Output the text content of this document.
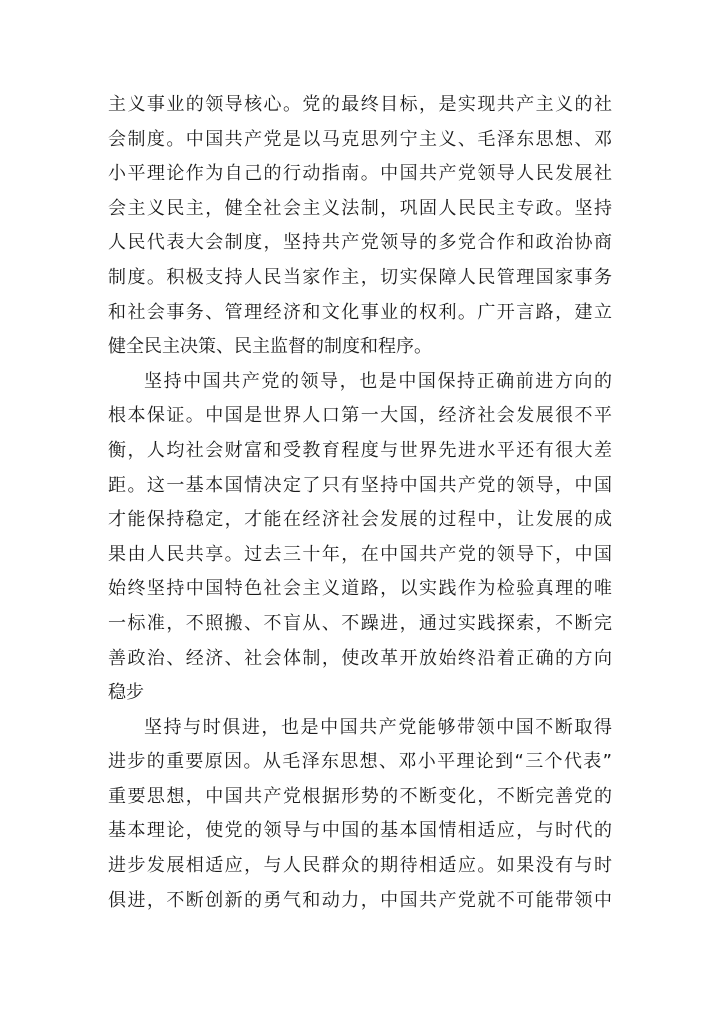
主义事业的领导核心。党的最终目标，是实现共产主义的社
会制度。中国共产党是以马克思列宁主义、毛泽东思想、邓
小平理论作为自己的行动指南。中国共产党领导人民发展社
会主义民主，健全社会主义法制，巩固人民民主专政。坚持
人民代表大会制度，坚持共产党领导的多党合作和政治协商
制度。积极支持人民当家作主，切实保障人民管理国家事务
和社会事务、管理经济和文化事业的权利。广开言路，建立
健全民主决策、民主监督的制度和程序。
坚持中国共产党的领导，也是中国保持正确前进方向的
根本保证。中国是世界人口第一大国，经济社会发展很不平
衡，人均社会财富和受教育程度与世界先进水平还有很大差
距。这一基本国情决定了只有坚持中国共产党的领导，中国
才能保持稳定，才能在经济社会发展的过程中，让发展的成
果由人民共享。过去三十年，在中国共产党的领导下，中国
始终坚持中国特色社会主义道路，以实践作为检验真理的唯
一标准，不照搬、不盲从、不躁进，通过实践探索，不断完
善政治、经济、社会体制，使改革开放始终沿着正确的方向
稳步
坚持与时俱进，也是中国共产党能够带领中国不断取得
进步的重要原因。从毛泽东思想、邓小平理论到“三个代表”
重要思想，中国共产党根据形势的不断变化，不断完善党的
基本理论，使党的领导与中国的基本国情相适应，与时代的
进步发展相适应，与人民群众的期待相适应。如果没有与时
俱进，不断创新的勇气和动力，中国共产党就不可能带领中
